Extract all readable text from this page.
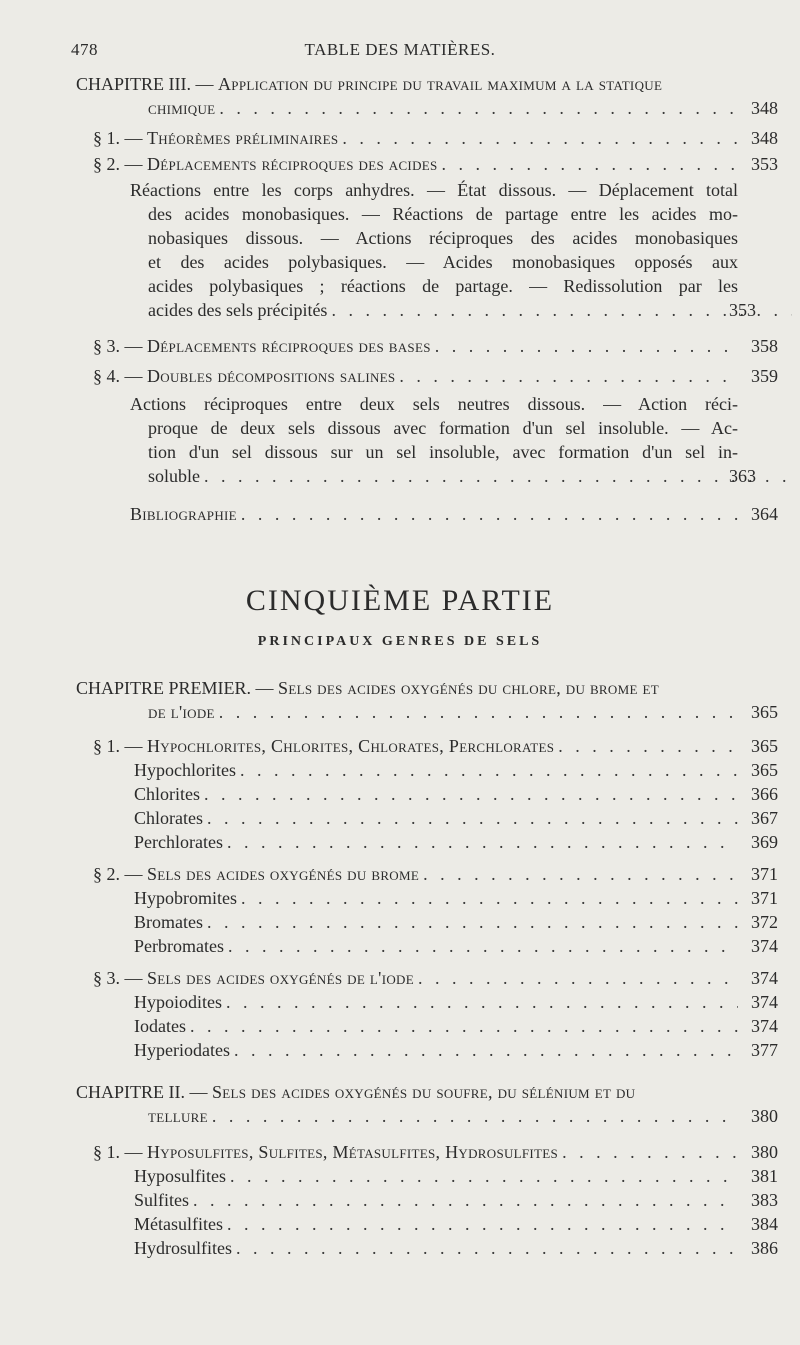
478	TABLE DES MATIÈRES.
CHAPITRE III. — Application du principe du travail maximum a la statique
chimique . . .	348
§ 1. — Théorèmes préliminaires . . .	348
§ 2. — Déplacements réciproques des acides . . .	353
Réactions entre les corps anhydres. — État dissous. — Déplacement total
des acides monobasiques. — Réactions de partage entre les acides mo-
nobasiques dissous. — Actions réciproques des acides monobasiques
et des acides polybasiques. — Acides monobasiques opposés aux
acides polybasiques ; réactions de partage. — Redissolution par les
acides des sels précipités . . .	353
§ 3. — Déplacements réciproques des bases . . .	358
§ 4. — Doubles décompositions salines . . .	359
Actions réciproques entre deux sels neutres dissous. — Action réci-
proque de deux sels dissous avec formation d'un sel insoluble. — Ac-
tion d'un sel dissous sur un sel insoluble, avec formation d'un sel in-
soluble . . .	363
Bibliographie . . .	364
CINQUIÈME PARTIE
PRINCIPAUX GENRES DE SELS
CHAPITRE PREMIER. — Sels des acides oxygénés du chlore, du brome et
de l'iode . . .	365
§ 1. — Hypochlorites, Chlorites, Chlorates, Perchlorates . . .	365
Hypochlorites . . .	365
Chlorites . . .	366
Chlorates . . .	367
Perchlorates . . .	369
§ 2. — Sels des acides oxygénés du brome . . .	371
Hypobromites . . .	371
Bromates . . .	372
Perbromates . . .	374
§ 3. — Sels des acides oxygénés de l'iode . . .	374
Hypoiodites . . .	374
Iodates . . .	374
Hyperiodates . . .	377
CHAPITRE II. — Sels des acides oxygénés du soufre, du sélénium et du
tellure . . .	380
§ 1. — Hyposulfites, Sulfites, Métasulfites, Hydrosulfites . . .	380
Hyposulfites . . .	381
Sulfites . . .	383
Métasulfites . . .	384
Hydrosulfites . . .	386
